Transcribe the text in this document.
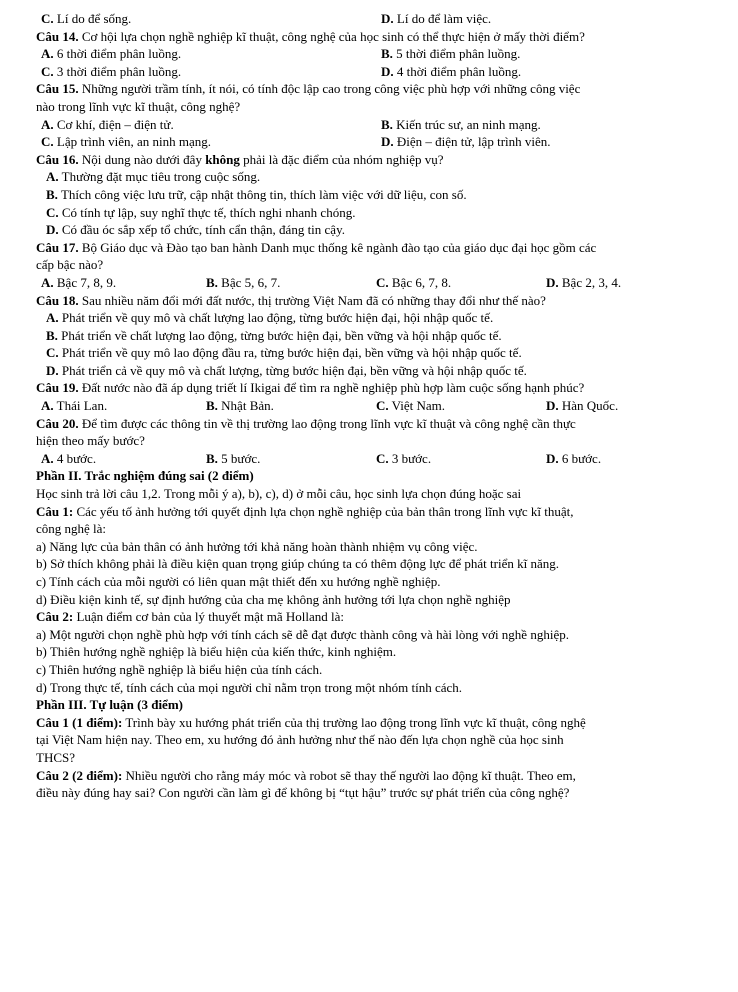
C. Lí do để sống.	D. Lí do để làm việc.
Câu 14. Cơ hội lựa chọn nghề nghiệp kĩ thuật, công nghệ của học sinh có thể thực hiện ở mấy thời điểm?
A. 6 thời điểm phân luồng.	B. 5 thời điểm phân luồng.
C. 3 thời điểm phân luồng.	D. 4 thời điểm phân luồng.
Câu 15. Những người trầm tính, ít nói, có tính độc lập cao trong công việc phù hợp với những công việc
nào trong lĩnh vực kĩ thuật, công nghệ?
A. Cơ khí, điện – điện tử.	B. Kiến trúc sư, an ninh mạng.
C. Lập trình viên, an ninh mạng.	D. Điện – điện tử, lập trình viên.
Câu 16. Nội dung nào dưới đây không phải là đặc điểm của nhóm nghiệp vụ?
A. Thường đặt mục tiêu trong cuộc sống.
B. Thích công việc lưu trữ, cập nhật thông tin, thích làm việc với dữ liệu, con số.
C. Có tính tự lập, suy nghĩ thực tế, thích nghi nhanh chóng.
D. Có đầu óc sắp xếp tổ chức, tính cẩn thận, đáng tin cậy.
Câu 17. Bộ Giáo dục và Đào tạo ban hành Danh mục thống kê ngành đào tạo của giáo dục đại học gồm các
cấp bậc nào?
A. Bậc 7, 8, 9.	B. Bậc 5, 6, 7.	C. Bậc 6, 7, 8.	D. Bậc 2, 3, 4.
Câu 18. Sau nhiều năm đổi mới đất nước, thị trường Việt Nam đã có những thay đổi như thế nào?
A. Phát triển về quy mô và chất lượng lao động, từng bước hiện đại, hội nhập quốc tế.
B. Phát triển về chất lượng lao động, từng bước hiện đại, bền vững và hội nhập quốc tế.
C. Phát triển về quy mô lao động đầu ra, từng bước hiện đại, bền vững và hội nhập quốc tế.
D. Phát triển cả về quy mô và chất lượng, từng bước hiện đại, bền vững và hội nhập quốc tế.
Câu 19. Đất nước nào đã áp dụng triết lí Ikigai để tìm ra nghề nghiệp phù hợp làm cuộc sống hạnh phúc?
A. Thái Lan.	B. Nhật Bản.	C. Việt Nam.	D. Hàn Quốc.
Câu 20. Để tìm được các thông tin về thị trường lao động trong lĩnh vực kĩ thuật và công nghệ cần thực
hiện theo mấy bước?
A. 4 bước.	B. 5 bước.	C. 3 bước.	D. 6 bước.
Phần II. Trắc nghiệm đúng sai (2 điểm)
Học sinh trả lời câu 1,2. Trong mỗi ý a), b), c), d) ở mỗi câu, học sinh lựa chọn đúng hoặc sai
Câu 1: Các yếu tố ảnh hưởng tới quyết định lựa chọn nghề nghiệp của bản thân trong lĩnh vực kĩ thuật,
công nghệ là:
a) Năng lực của bản thân có ảnh hưởng tới khả năng hoàn thành nhiệm vụ công việc.
b) Sở thích không phải là điều kiện quan trọng giúp chúng ta có thêm động lực để phát triển kĩ năng.
c) Tính cách của mỗi người có liên quan mật thiết đến xu hướng nghề nghiệp.
d) Điều kiện kinh tế, sự định hướng của cha mẹ không ảnh hưởng tới lựa chọn nghề nghiệp
Câu 2: Luận điểm cơ bản của lý thuyết mật mã Holland là:
a) Một người chọn nghề phù hợp với tính cách sẽ dễ đạt được thành công và hài lòng với nghề nghiệp.
b) Thiên hướng nghề nghiệp là biểu hiện của kiến thức, kinh nghiệm.
c) Thiên hướng nghề nghiệp là biểu hiện của tính cách.
d) Trong thực tế, tính cách của mọi người chỉ nằm trọn trong một nhóm tính cách.
Phần III. Tự luận (3 điểm)
Câu 1 (1 điểm): Trình bày xu hướng phát triển của thị trường lao động trong lĩnh vực kĩ thuật, công nghệ
tại Việt Nam hiện nay. Theo em, xu hướng đó ảnh hưởng như thế nào đến lựa chọn nghề của học sinh
THCS?
Câu 2 (2 điểm): Nhiều người cho rằng máy móc và robot sẽ thay thế người lao động kĩ thuật. Theo em,
điều này đúng hay sai? Con người cần làm gì để không bị “tụt hậu” trước sự phát triển của công nghệ?
